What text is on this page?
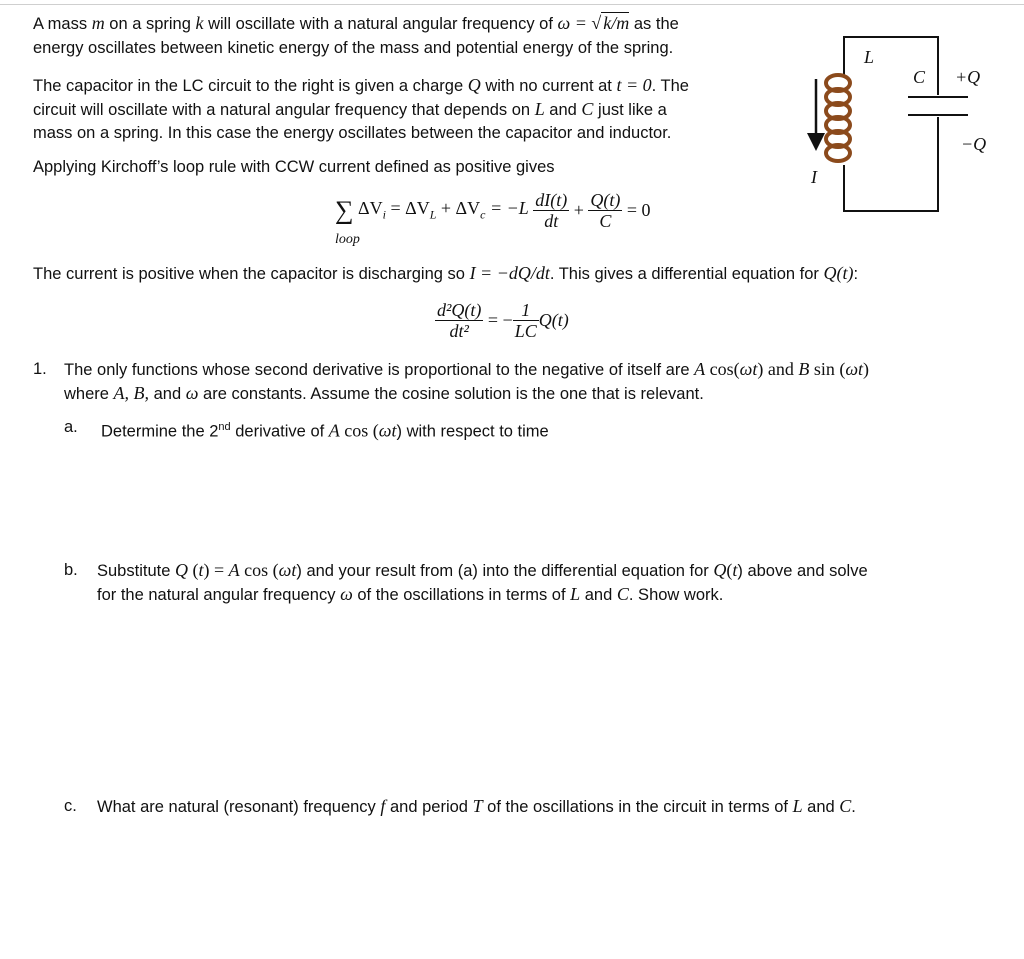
A mass m on a spring k will oscillate with a natural angular frequency of ω = √ k/m as the
energy oscillates between kinetic energy of the mass and potential energy of the spring.
The capacitor in the LC circuit to the right is given a charge Q with no current at t = 0. The
circuit will oscillate with a natural angular frequency that depends on L and C just like a
mass on a spring. In this case the energy oscillates between the capacitor and inductor.
Applying Kirchoff’s loop rule with CCW current defined as positive gives
∑ $\Delta V_i = \Delta V_L + \Delta V_c = -L \frac{dI(t)}{dt} + \frac{Q(t)}{C} = 0$
loop
The current is positive when the capacitor is discharging so I = −dQ/dt. This gives a differential equation for Q(t):
$\frac{\text{d²Q(t)}}{\text{dt²}}$ = − $\frac{1}{LC} Q(t)$
1. The only functions whose second derivative is proportional to the negative of itself are A cos(ωt) and B sin (ωt)
where A, B, and ω are constants. Assume the cosine solution is the one that is relevant.
a. Determine the 2nd derivative of A cos (ωt) with respect to time
b. Substitute Q (t) = A cos (ωt) and your result from (a) into the differential equation for Q(t) above and solve
for the natural angular frequency ω of the oscillations in terms of L and C. Show work.
c. What are natural (resonant) frequency f and period T of the oscillations in the circuit in terms of L and C.
L
C +Q
−Q
I
